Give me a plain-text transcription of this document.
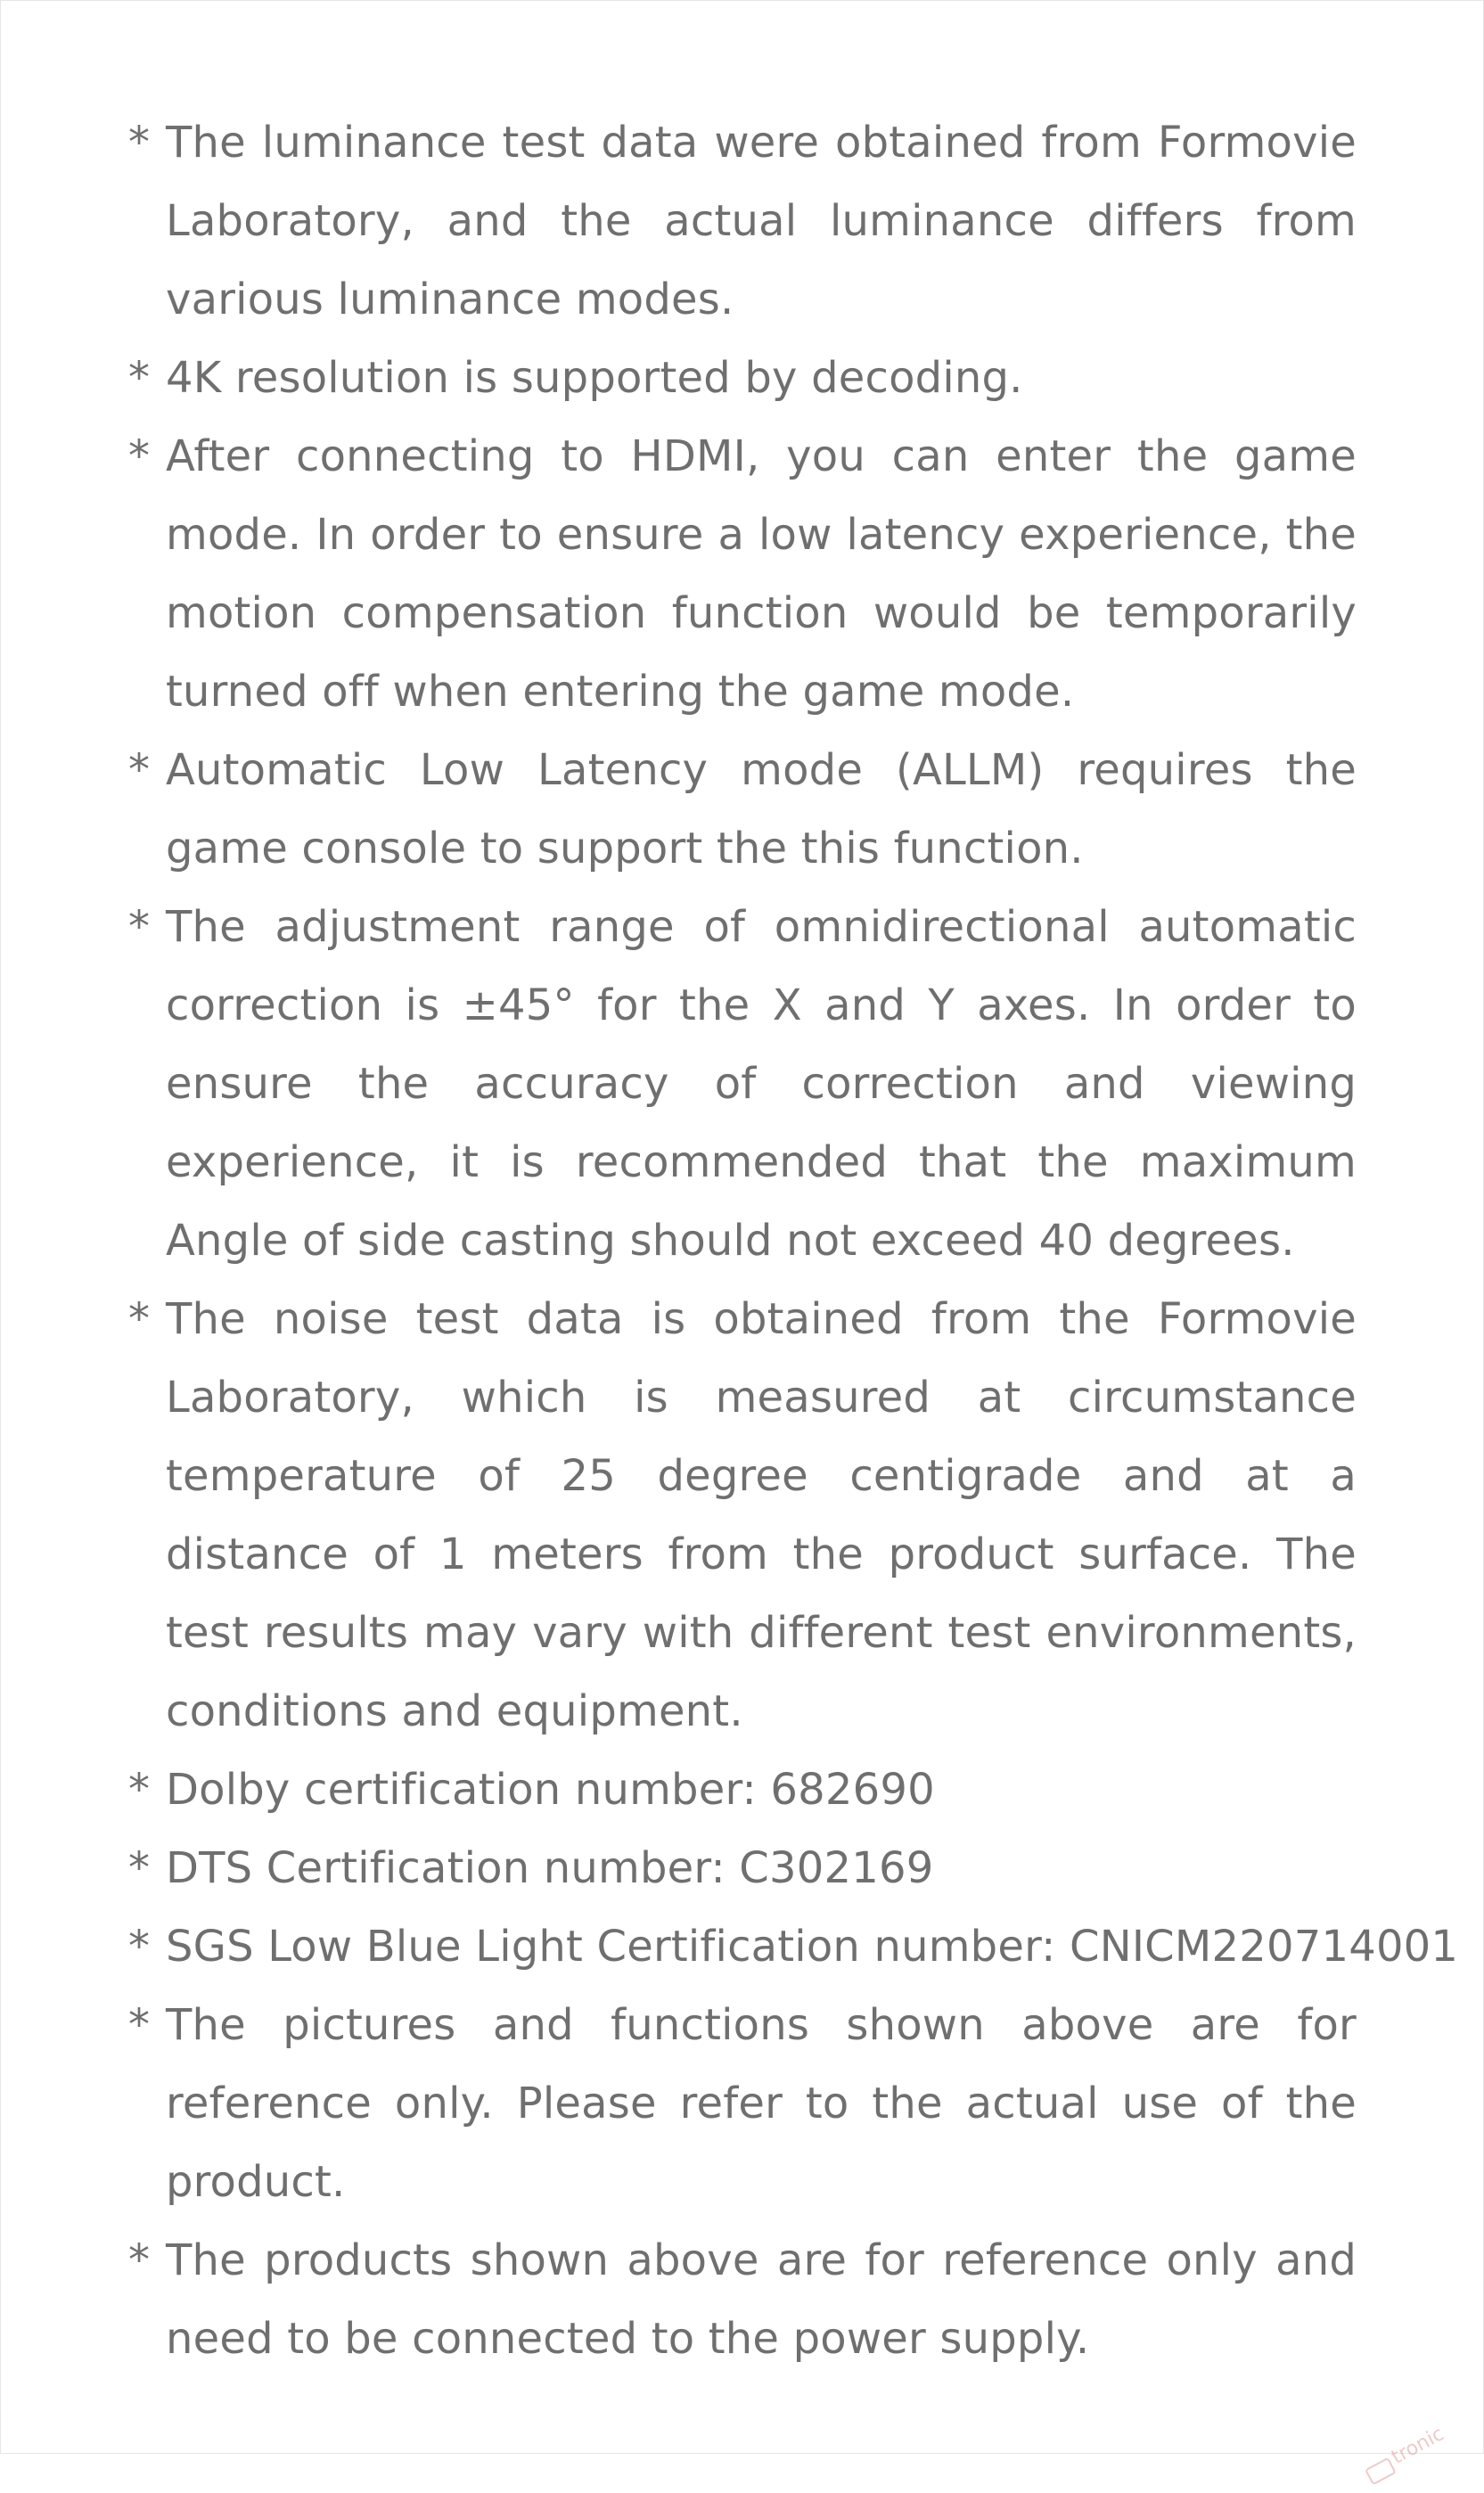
* The luminance test data were obtained from Formovie Laboratory, and the actual luminance differs from various luminance modes.
* 4K resolution is supported by decoding.
* After connecting to HDMI, you can enter the game mode. In order to ensure a low latency experience, the motion compensation function would be temporarily turned off when entering the game mode.
* Automatic Low Latency mode (ALLM) requires the game console to support the this function.
* The adjustment range of omnidirectional automatic correction is ±45° for the X and Y axes. In order to ensure the accuracy of correction and viewing experience, it is recommended that the maximum Angle of side casting should not exceed 40 degrees.
* The noise test data is obtained from the Formovie Laboratory, which is measured at circumstance temperature of 25 degree centigrade and at a distance of 1 meters from the product surface. The test results may vary with different test environments, conditions and equipment.
* Dolby certification number: 682690
* DTS Certification number: C302169
* SGS Low Blue Light Certification number: CNICM220714001
* The pictures and functions shown above are for reference only. Please refer to the actual use of the product.
* The products shown above are for reference only and need to be connected to the power supply.
tronic
